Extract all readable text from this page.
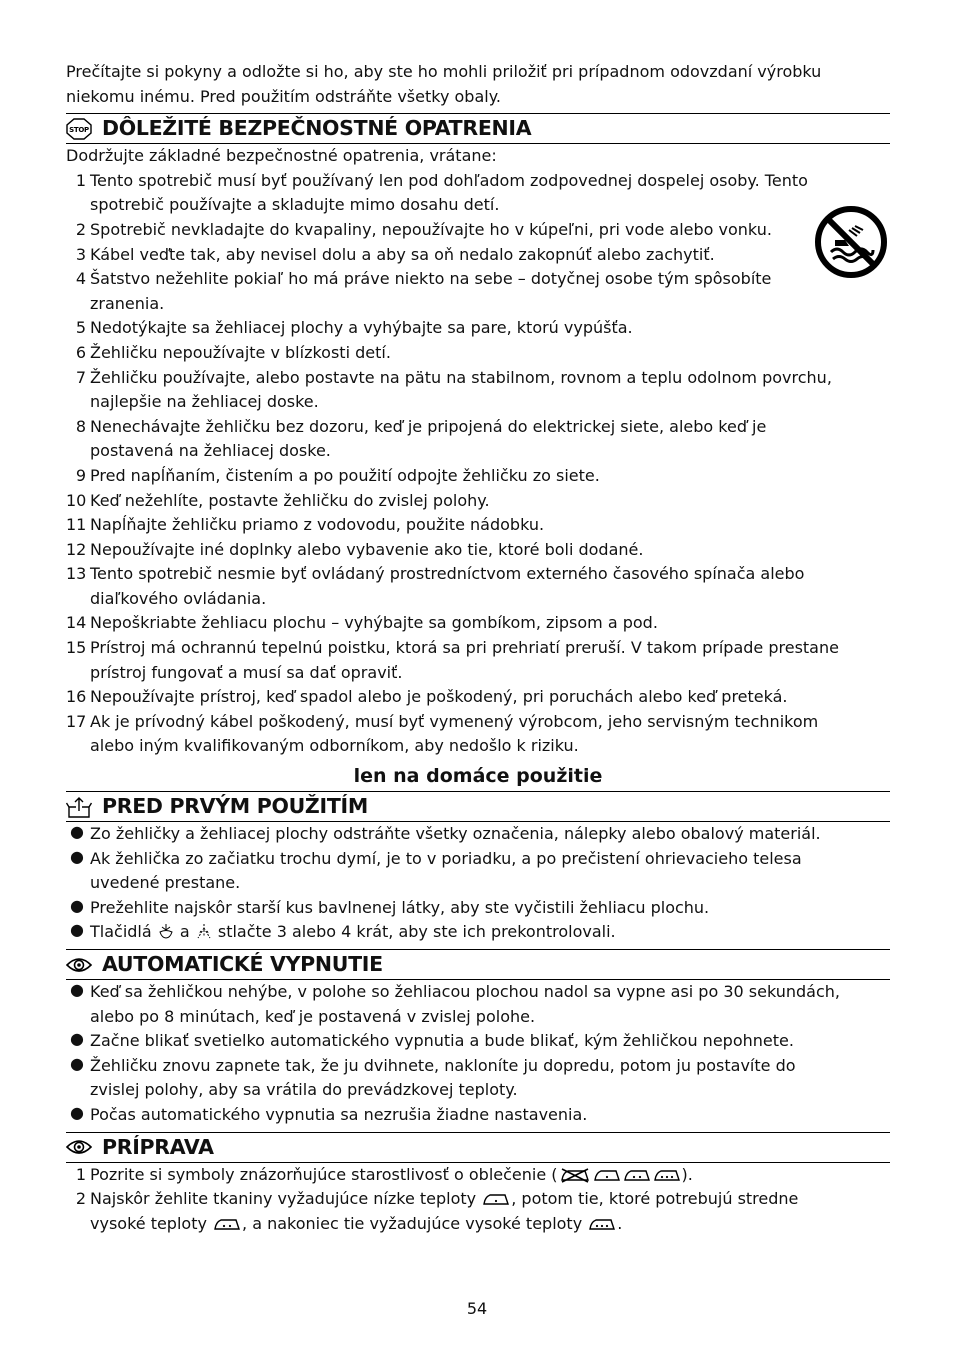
Prečítajte si pokyny a odložte si ho, aby ste ho mohli priložiť pri prípadnom odovzdaní výrobku
niekomu inému. Pred použitím odstráňte všetky obaly.
STOP DÔLEŽITÉ BEZPEČNOSTNÉ OPATRENIA
Dodržujte základné bezpečnostné opatrenia, vrátane:
1 Tento spotrebič musí byť používaný len pod dohľadom zodpovednej dospelej osoby. Tento
spotrebič používajte a skladujte mimo dosahu detí.
2 Spotrebič nevkladajte do kvapaliny, nepoužívajte ho v kúpeľni, pri vode alebo vonku.
3 Kábel veďte tak, aby nevisel dolu a aby sa oň nedalo zakopnúť alebo zachytiť.
4 Šatstvo nežehlite pokiaľ ho má práve niekto na sebe – dotyčnej osobe tým spôsobíte
zranenia.
5 Nedotýkajte sa žehliacej plochy a vyhýbajte sa pare, ktorú vypúšťa.
6 Žehličku nepoužívajte v blízkosti detí.
7 Žehličku používajte, alebo postavte na pätu na stabilnom, rovnom a teplu odolnom povrchu,
najlepšie na žehliacej doske.
8 Nenechávajte žehličku bez dozoru, keď je pripojená do elektrickej siete, alebo keď je
postavená na žehliacej doske.
9 Pred napĺňaním, čistením a po použití odpojte žehličku zo siete.
10 Keď nežehlíte, postavte žehličku do zvislej polohy.
11 Napĺňajte žehličku priamo z vodovodu, použite nádobku.
12 Nepoužívajte iné doplnky alebo vybavenie ako tie, ktoré boli dodané.
13 Tento spotrebič nesmie byť ovládaný prostredníctvom externého časového spínača alebo
diaľkového ovládania.
14 Nepoškriabte žehliacu plochu – vyhýbajte sa gombíkom, zipsom a pod.
15 Prístroj má ochrannú tepelnú poistku, ktorá sa pri prehriatí preruší. V takom prípade prestane
prístroj fungovať a musí sa dať opraviť.
16 Nepoužívajte prístroj, keď spadol alebo je poškodený, pri poruchách alebo keď preteká.
17 Ak je prívodný kábel poškodený, musí byť vymenený výrobcom, jeho servisným technikom
alebo iným kvalifikovaným odborníkom, aby nedošlo k riziku.
len na domáce použitie
PRED PRVÝM POUŽITÍM
● Zo žehličky a žehliacej plochy odstráňte všetky označenia, nálepky alebo obalový materiál.
● Ak žehlička zo začiatku trochu dymí, je to v poriadku, a po prečistení ohrievacieho telesa
uvedené prestane.
● Prežehlite najskôr starší kus bavlnenej látky, aby ste vyčistili žehliacu plochu.
● Tlačidlá a stlačte 3 alebo 4 krát, aby ste ich prekontrolovali.
AUTOMATICKÉ VYPNUTIE
● Keď sa žehličkou nehýbe, v polohe so žehliacou plochou nadol sa vypne asi po 30 sekundách,
alebo po 8 minútach, keď je postavená v zvislej polohe.
● Začne blikať svetielko automatického vypnutia a bude blikať, kým žehličkou nepohnete.
● Žehličku znovu zapnete tak, že ju dvihnete, nakloníte ju dopredu, potom ju postavíte do
zvislej polohy, aby sa vrátila do prevádzkovej teploty.
● Počas automatického vypnutia sa nezrušia žiadne nastavenia.
PRÍPRAVA
1 Pozrite si symboly znázorňujúce starostlivosť o oblečenie (	).
2 Najskôr žehlite tkaniny vyžadujúce nízke teploty , potom tie, ktoré potrebujú stredne
vysoké teploty , a nakoniec tie vyžadujúce vysoké teploty .
54
